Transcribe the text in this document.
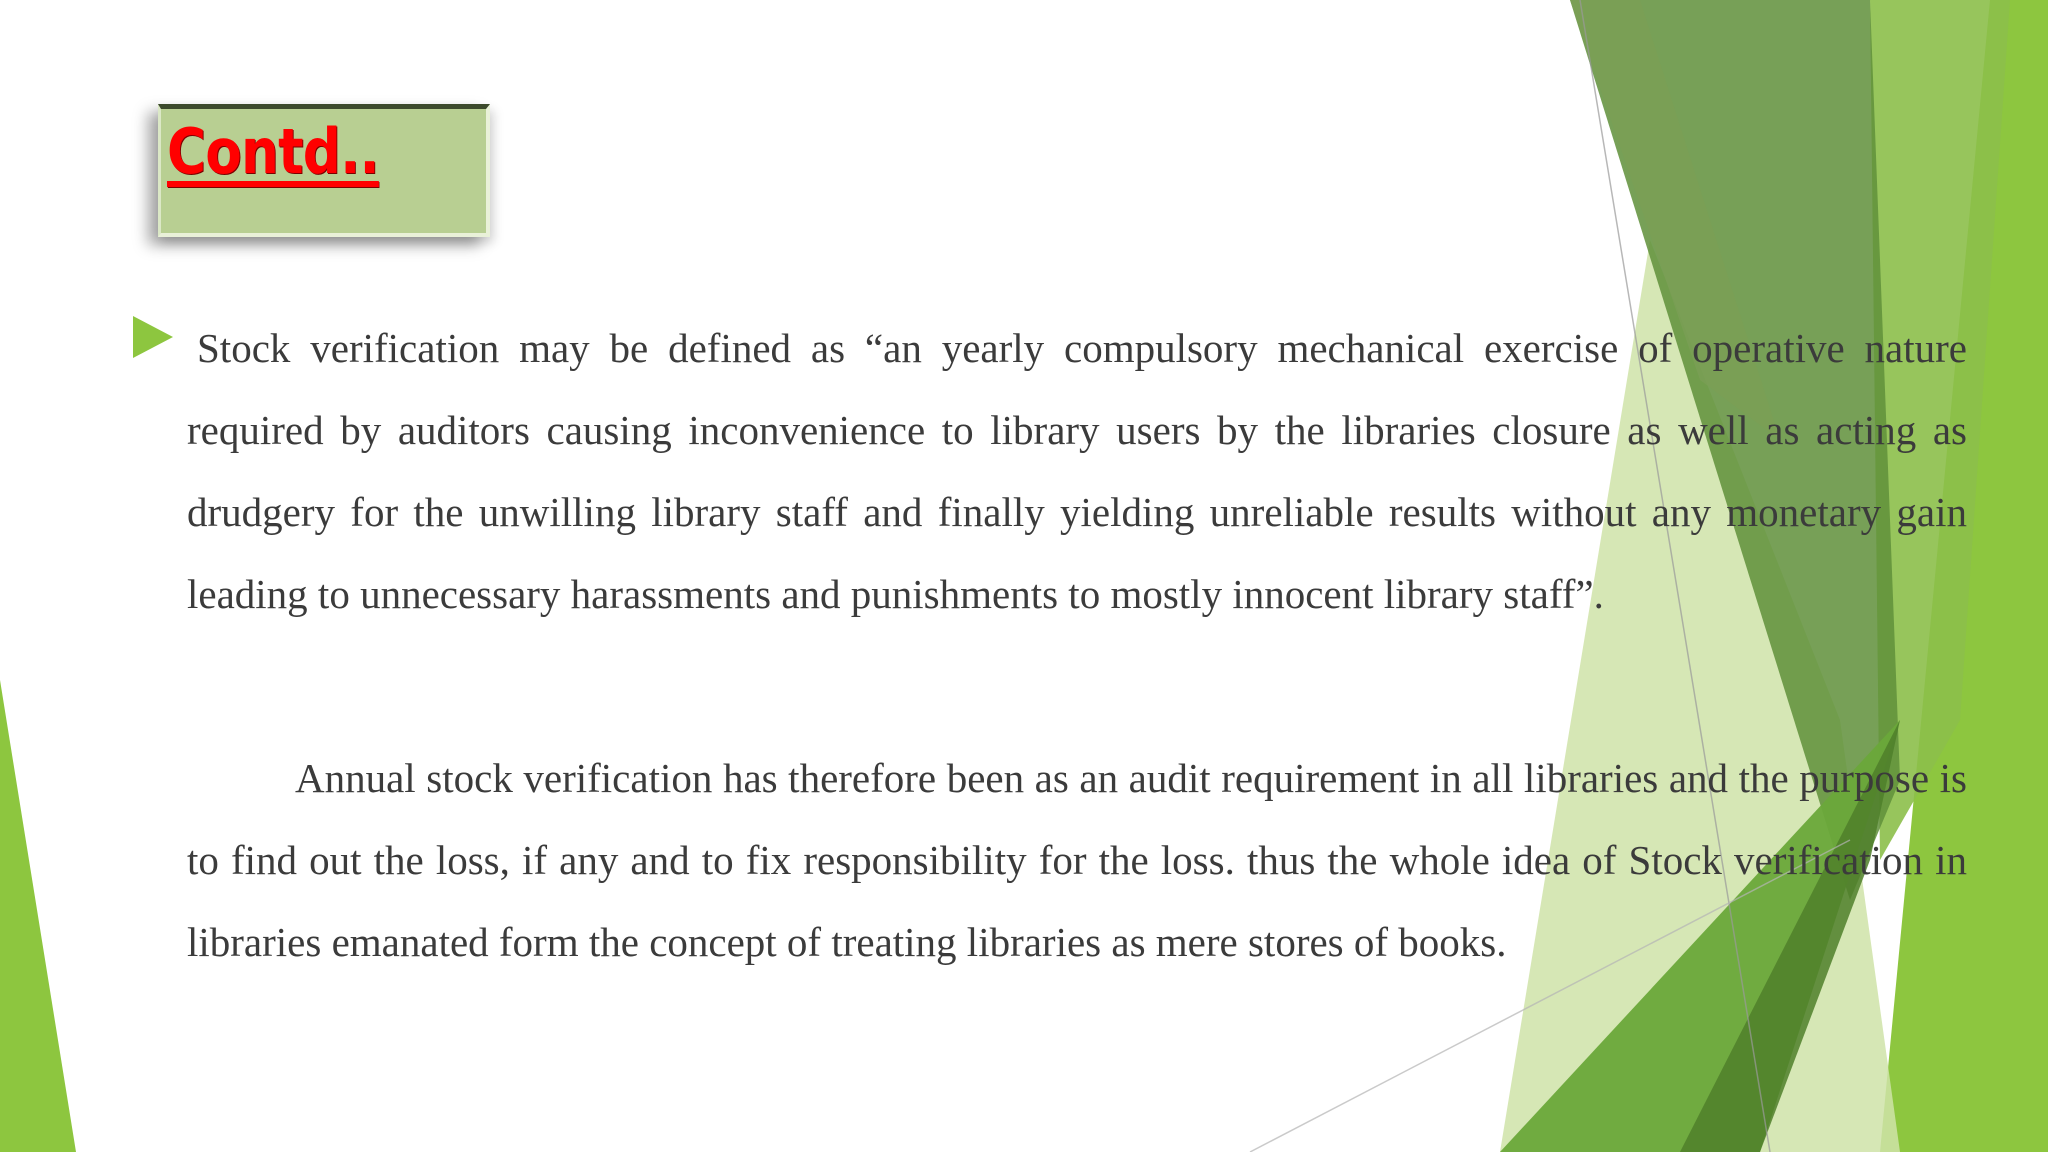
Contd..

Stock verification may be defined as “an yearly compulsory mechanical exercise of operative nature required by auditors causing inconvenience to library users by the libraries closure as well as acting as drudgery for the unwilling library staff and finally yielding unreliable results without any monetary gain leading to unnecessary harassments and punishments to mostly innocent library staff”.

Annual stock verification has therefore been as an audit requirement in all libraries and the purpose is to find out the loss, if any and to fix responsibility for the loss. thus the whole idea of Stock verification in libraries emanated form the concept of treating libraries as mere stores of books.
